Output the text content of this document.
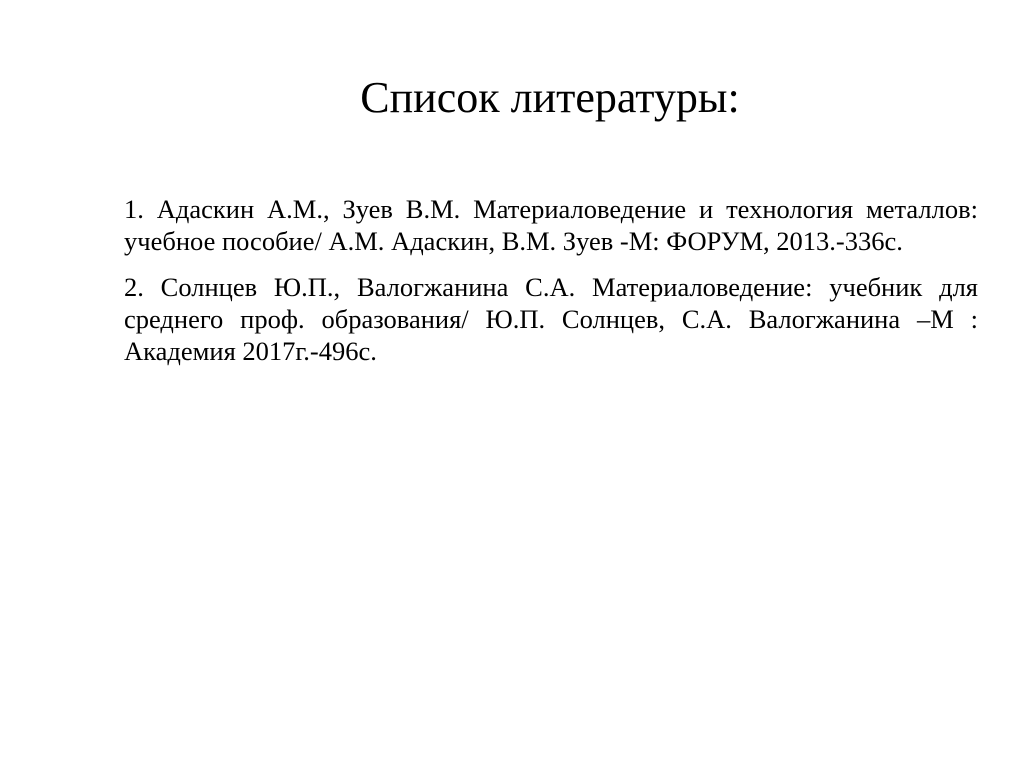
Список литературы:

1. Адаскин А.М., Зуев В.М. Материаловедение и технология металлов: учебное пособие/ А.М. Адаскин, В.М. Зуев -М: ФОРУМ, 2013.-336с.

2. Солнцев Ю.П., Валогжанина С.А. Материаловедение: учебник для среднего проф. образования/ Ю.П. Солнцев, С.А. Валогжанина –М : Академия 2017г.-496с.
